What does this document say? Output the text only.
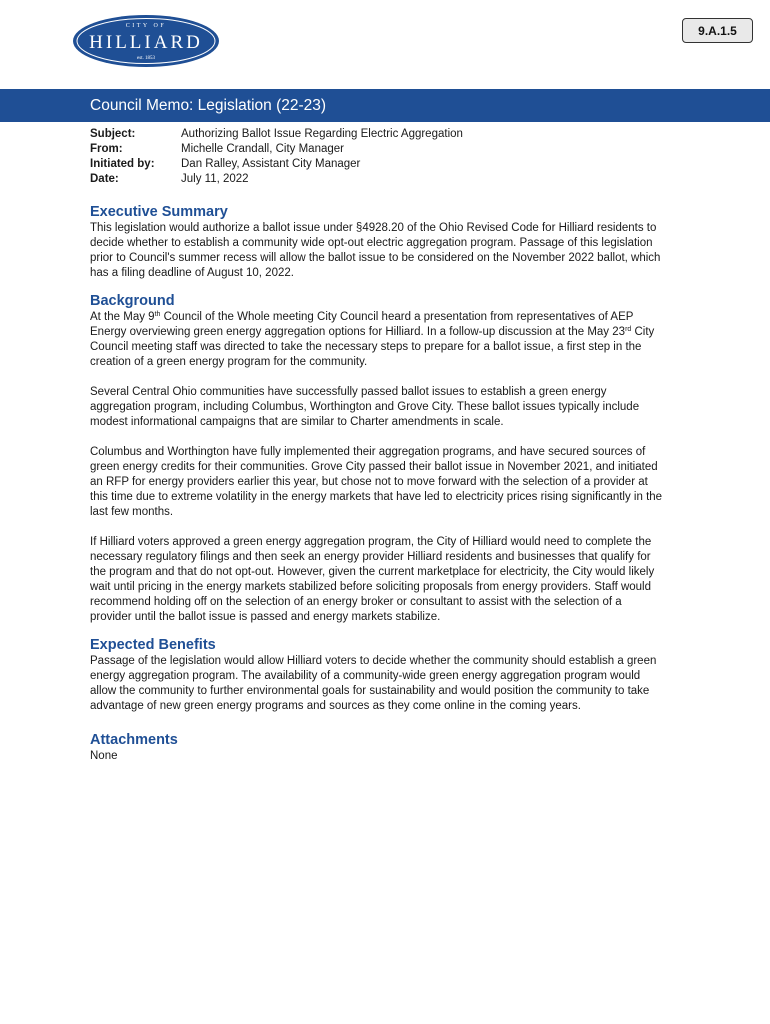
CITY OF
HILLIARD
est. 1853
9.A.1.5
Council Memo: Legislation (22-23)
Subject:	Authorizing Ballot Issue Regarding Electric Aggregation
From:	Michelle Crandall, City Manager
Initiated by:	Dan Ralley, Assistant City Manager
Date:	July 11, 2022
Executive Summary

This legislation would authorize a ballot issue under §4928.20 of the Ohio Revised Code for Hilliard residents to decide whether to establish a community wide opt-out electric aggregation program. Passage of this legislation prior to Council's summer recess will allow the ballot issue to be considered on the November 2022 ballot, which has a filing deadline of August 10, 2022.

Background

At the May 9th Council of the Whole meeting City Council heard a presentation from representatives of AEP Energy overviewing green energy aggregation options for Hilliard. In a follow-up discussion at the May 23rd City Council meeting staff was directed to take the necessary steps to prepare for a ballot issue, a first step in the creation of a green energy program for the community.

Several Central Ohio communities have successfully passed ballot issues to establish a green energy aggregation program, including Columbus, Worthington and Grove City. These ballot issues typically include modest informational campaigns that are similar to Charter amendments in scale.

Columbus and Worthington have fully implemented their aggregation programs, and have secured sources of green energy credits for their communities. Grove City passed their ballot issue in November 2021, and initiated an RFP for energy providers earlier this year, but chose not to move forward with the selection of a provider at this time due to extreme volatility in the energy markets that have led to electricity prices rising significantly in the last few months.

If Hilliard voters approved a green energy aggregation program, the City of Hilliard would need to complete the necessary regulatory filings and then seek an energy provider Hilliard residents and businesses that qualify for the program and that do not opt-out. However, given the current marketplace for electricity, the City would likely wait until pricing in the energy markets stabilized before soliciting proposals from energy providers. Staff would recommend holding off on the selection of an energy broker or consultant to assist with the selection of a provider until the ballot issue is passed and energy markets stabilize.

Expected Benefits

Passage of the legislation would allow Hilliard voters to decide whether the community should establish a green energy aggregation program. The availability of a community-wide green energy aggregation program would allow the community to further environmental goals for sustainability and would position the community to take advantage of new green energy programs and sources as they come online in the coming years.

Attachments

None
